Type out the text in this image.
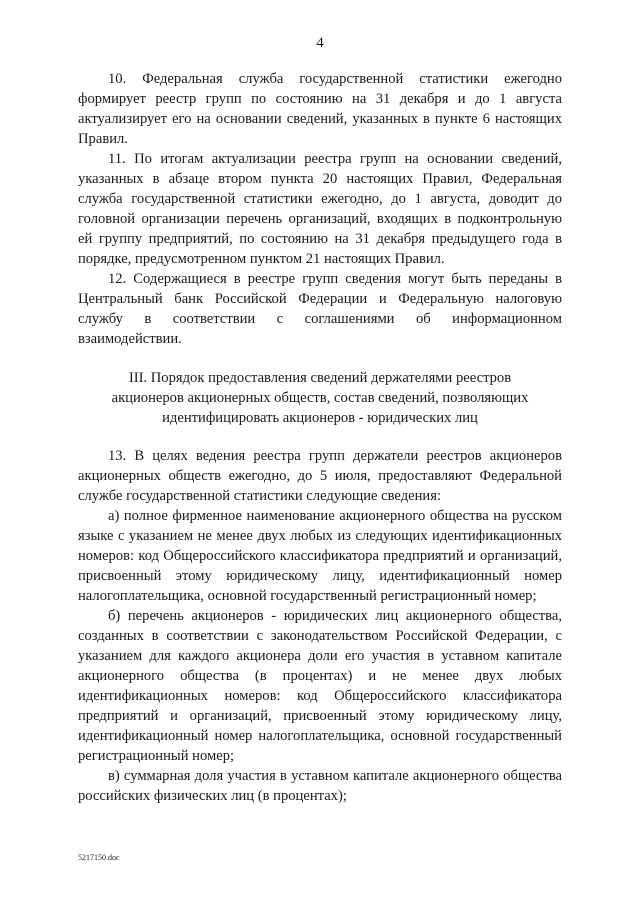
4

10. Федеральная служба государственной статистики ежегодно формирует реестр групп по состоянию на 31 декабря и до 1 августа актуализирует его на основании сведений, указанных в пункте 6 настоящих Правил.

11. По итогам актуализации реестра групп на основании сведений, указанных в абзаце втором пункта 20 настоящих Правил, Федеральная служба государственной статистики ежегодно, до 1 августа, доводит до головной организации перечень организаций, входящих в подконтрольную ей группу предприятий, по состоянию на 31 декабря предыдущего года в порядке, предусмотренном пунктом 21 настоящих Правил.

12. Содержащиеся в реестре групп сведения могут быть переданы в Центральный банк Российской Федерации и Федеральную налоговую службу в соответствии с соглашениями об информационном взаимодействии.

III. Порядок предоставления сведений держателями реестров
акционеров акционерных обществ, состав сведений, позволяющих
идентифицировать акционеров - юридических лиц

13. В целях ведения реестра групп держатели реестров акционеров акционерных обществ ежегодно, до 5 июля, предоставляют Федеральной службе государственной статистики следующие сведения:

а) полное фирменное наименование акционерного общества на русском языке с указанием не менее двух любых из следующих идентификационных номеров: код Общероссийского классификатора предприятий и организаций, присвоенный этому юридическому лицу, идентификационный номер налогоплательщика, основной государственный регистрационный номер;

б) перечень акционеров - юридических лиц акционерного общества, созданных в соответствии с законодательством Российской Федерации, с указанием для каждого акционера доли его участия в уставном капитале акционерного общества (в процентах) и не менее двух любых идентификационных номеров: код Общероссийского классификатора предприятий и организаций, присвоенный этому юридическому лицу, идентификационный номер налогоплательщика, основной государственный регистрационный номер;

в) суммарная доля участия в уставном капитале акционерного общества российских физических лиц (в процентах);

5217150.doc
